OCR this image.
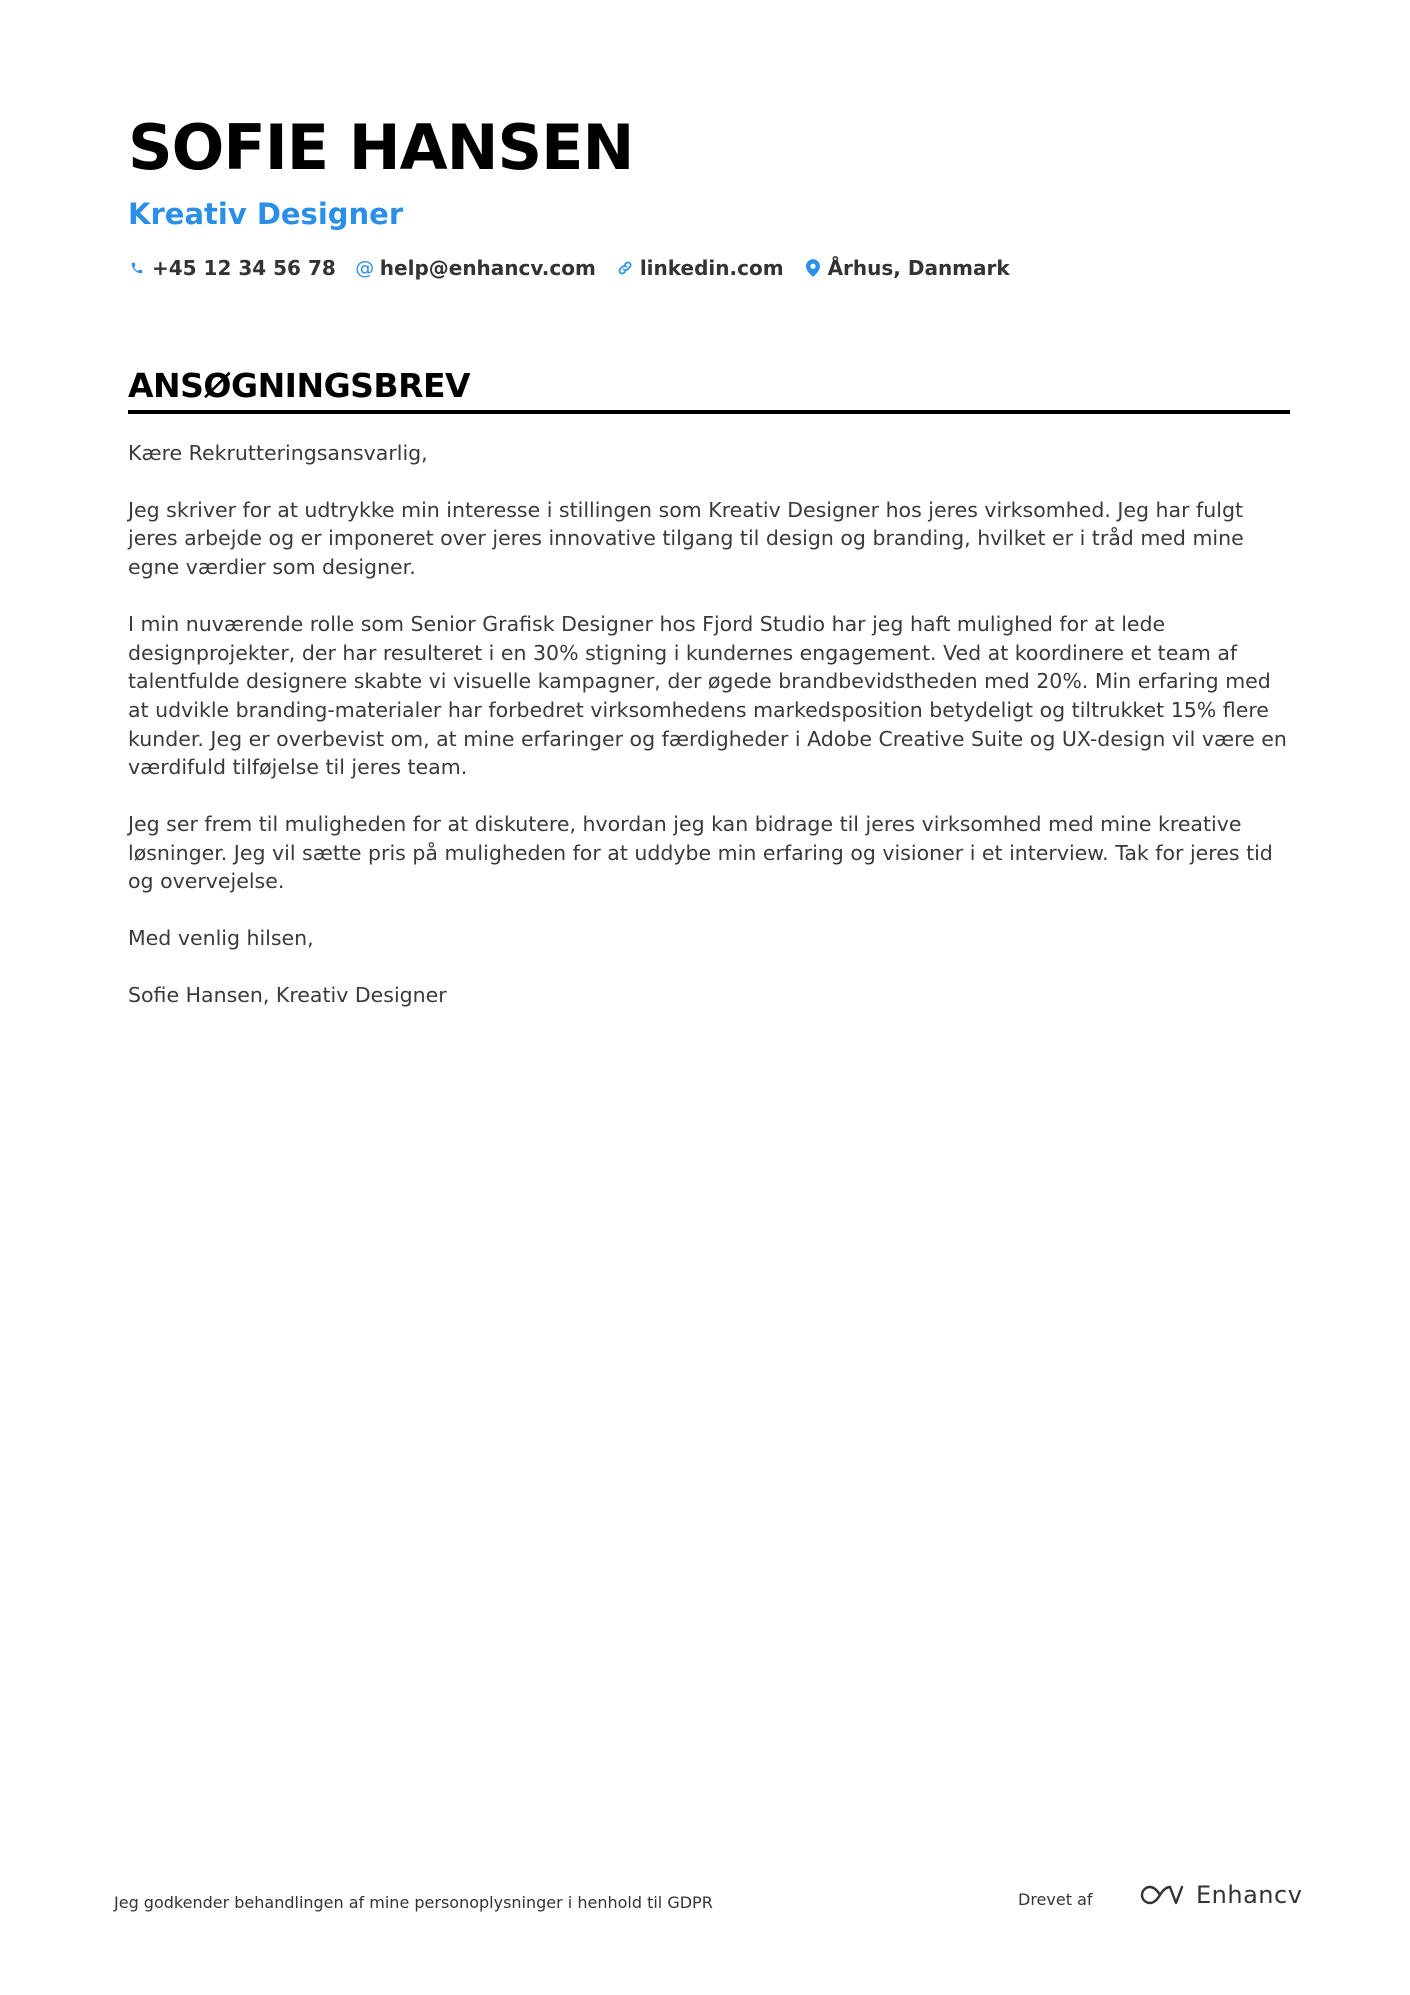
SOFIE HANSEN
Kreativ Designer
+45 12 34 56 78 @ help@enhancv.com linkedin.com Århus, Danmark
ANSØGNINGSBREV

Kære Rekrutteringsansvarlig,

Jeg skriver for at udtrykke min interesse i stillingen som Kreativ Designer hos jeres virksomhed. Jeg har fulgt jeres arbejde og er imponeret over jeres innovative tilgang til design og branding, hvilket er i tråd med mine egne værdier som designer.

I min nuværende rolle som Senior Grafisk Designer hos Fjord Studio har jeg haft mulighed for at lede designprojekter, der har resulteret i en 30% stigning i kundernes engagement. Ved at koordinere et team af talentfulde designere skabte vi visuelle kampagner, der øgede brandbevidstheden med 20%. Min erfaring med at udvikle branding-materialer har forbedret virksomhedens markedsposition betydeligt og tiltrukket 15% flere kunder. Jeg er overbevist om, at mine erfaringer og færdigheder i Adobe Creative Suite og UX-design vil være en værdifuld tilføjelse til jeres team.

Jeg ser frem til muligheden for at diskutere, hvordan jeg kan bidrage til jeres virksomhed med mine kreative løsninger. Jeg vil sætte pris på muligheden for at uddybe min erfaring og visioner i et interview. Tak for jeres tid og overvejelse.

Med venlig hilsen,

Sofie Hansen, Kreativ Designer

Jeg godkender behandlingen af mine personoplysninger i henhold til GDPR	Drevet af	Enhancv
